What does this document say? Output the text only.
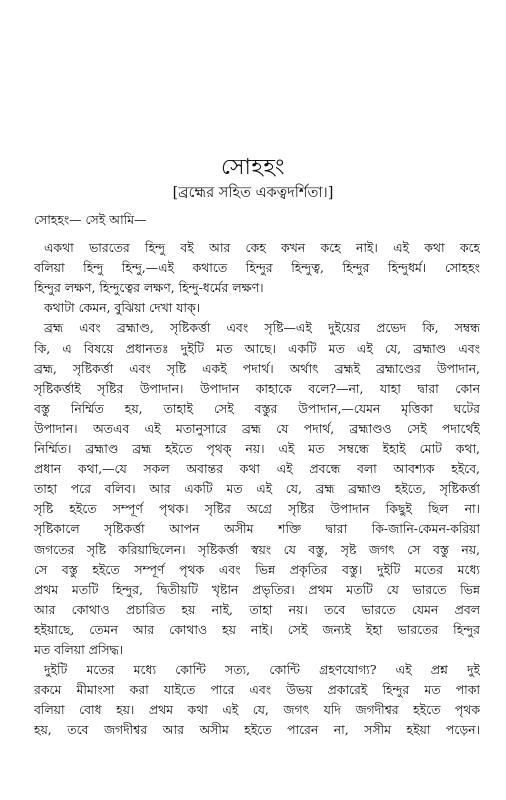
সোহহং
[ব্রহ্মের সহিত একত্বদর্শিতা।]
সোহহং— সেই আমি—
একথা ভারতের হিন্দু বই আর কেহ কখন কহে নাই। এই কথা কহে
বলিয়া হিন্দু হিন্দু,—এই কথাতে হিন্দুর হিন্দুত্ব, হিন্দুর হিন্দুধর্ম। সোহহং
হিন্দুর লক্ষণ, হিন্দুত্বের লক্ষণ, হিন্দু-ধর্মের লক্ষণ।
কথাটা কেমন, বুঝিয়া দেখা যাক্।
ব্রহ্ম এবং ব্রহ্মাণ্ড, সৃষ্টিকর্ত্তা এবং সৃষ্টি—এই দুইয়ের প্রভেদ কি, সম্বন্ধ
কি, এ বিষয়ে প্রধানতঃ দুইটি মত আছে। একটি মত এই যে, ব্রহ্মাণ্ড এবং
ব্রহ্ম, সৃষ্টিকর্ত্তা এবং সৃষ্টি একই পদার্থ। অর্থাৎ ব্রহ্মই ব্রহ্মাণ্ডের উপাদান,
সৃষ্টিকর্ত্তাই সৃষ্টির উপাদান। উপাদান কাহাকে বলে?—না, যাহা দ্বারা কোন
বস্তু নির্ম্মিত হয়, তাহাই সেই বস্তুর উপাদান,—যেমন মৃত্তিকা ঘটের
উপাদান। অতএব এই মতানুসারে ব্রহ্ম যে পদার্থ, ব্রহ্মাণ্ডও সেই পদার্থেই
নির্ম্মিত। ব্রহ্মাণ্ড ব্রহ্ম হইতে পৃথক্ নয়। এই মত সম্বন্ধে ইহাই মোট কথা,
প্রধান কথা,—যে সকল অবান্তর কথা এই প্রবন্ধে বলা আবশ্যক হইবে,
তাহা পরে বলিব। আর একটি মত এই যে, ব্রহ্ম ব্রহ্মাণ্ড হইতে, সৃষ্টিকর্ত্তা
সৃষ্টি হইতে সম্পূর্ণ পৃথক। সৃষ্টির অগ্রে সৃষ্টির উপাদান কিছুই ছিল না।
সৃষ্টিকালে সৃষ্টিকর্ত্তা আপন অসীম শক্তি দ্বারা কি-জানি-কেমন-করিয়া
জগতের সৃষ্টি করিয়াছিলেন। সৃষ্টিকর্ত্তা স্বয়ং যে বস্তু, সৃষ্ট জগৎ সে বস্তু নয়,
সে বস্তু হইতে সম্পূর্ণ পৃথক এবং ভিন্ন প্রকৃতির বস্তু। দুইটি মতের মধ্যে
প্রথম মতটি হিন্দুর, দ্বিতীয়টি খৃষ্টান প্রভৃতির। প্রথম মতটি যে ভারতে ভিন্ন
আর কোথাও প্রচারিত হয় নাই, তাহা নয়। তবে ভারতে যেমন প্রবল
হইয়াছে, তেমন আর কোথাও হয় নাই। সেই জন্যই ইহা ভারতের হিন্দুর
মত বলিয়া প্রসিদ্ধ।
দুইটি মতের মধ্যে কোন্টি সত্য, কোন্টি গ্রহণযোগ্য? এই প্রশ্ন দুই
রকমে মীমাংসা করা যাইতে পারে এবং উভয় প্রকারেই হিন্দুর মত পাকা
বলিয়া বোধ হয়। প্রথম কথা এই যে, জগৎ যদি জগদীশ্বর হইতে পৃথক
হয়, তবে জগদীশ্বর আর অসীম হইতে পারেন না, সসীম হইয়া পড়েন।
